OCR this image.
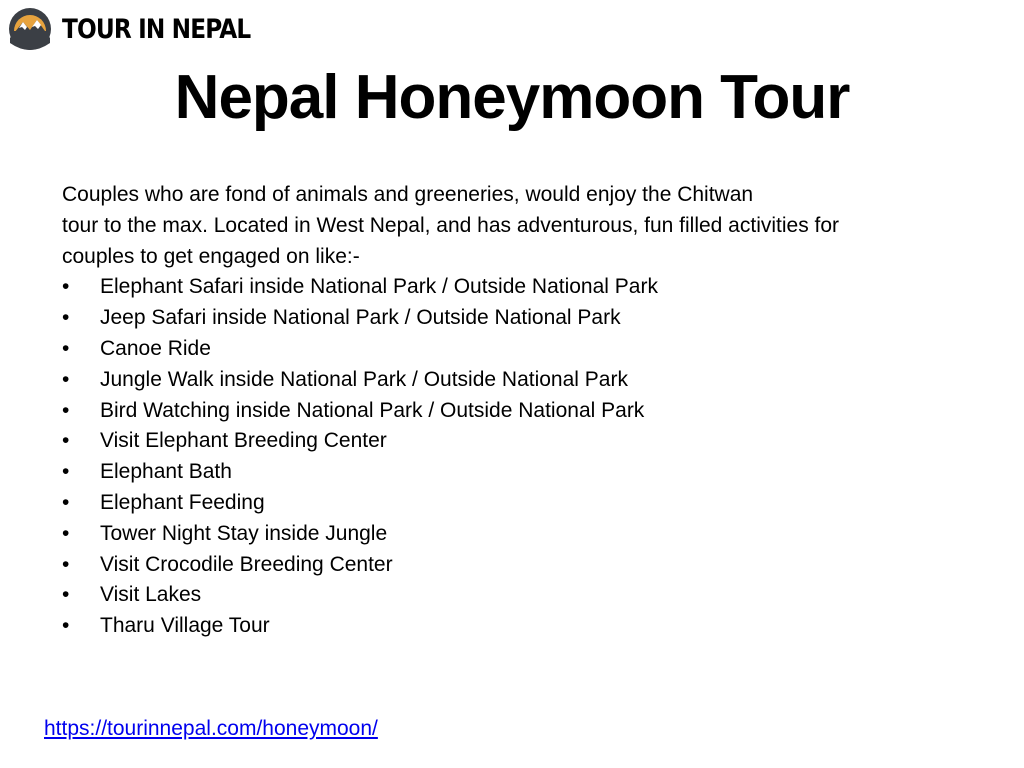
TOUR IN NEPAL
Nepal Honeymoon Tour
Couples who are fond of animals and greeneries, would enjoy the Chitwan
tour to the max. Located in West Nepal, and has adventurous, fun filled activities for
couples to get engaged on like:-
•	Elephant Safari inside National Park / Outside National Park
•	Jeep Safari inside National Park / Outside National Park
•	Canoe Ride
•	Jungle Walk inside National Park / Outside National Park
•	Bird Watching inside National Park / Outside National Park
•	Visit Elephant Breeding Center
•	Elephant Bath
•	Elephant Feeding
•	Tower Night Stay inside Jungle
•	Visit Crocodile Breeding Center
•	Visit Lakes
•	Tharu Village Tour
https://tourinnepal.com/honeymoon/
